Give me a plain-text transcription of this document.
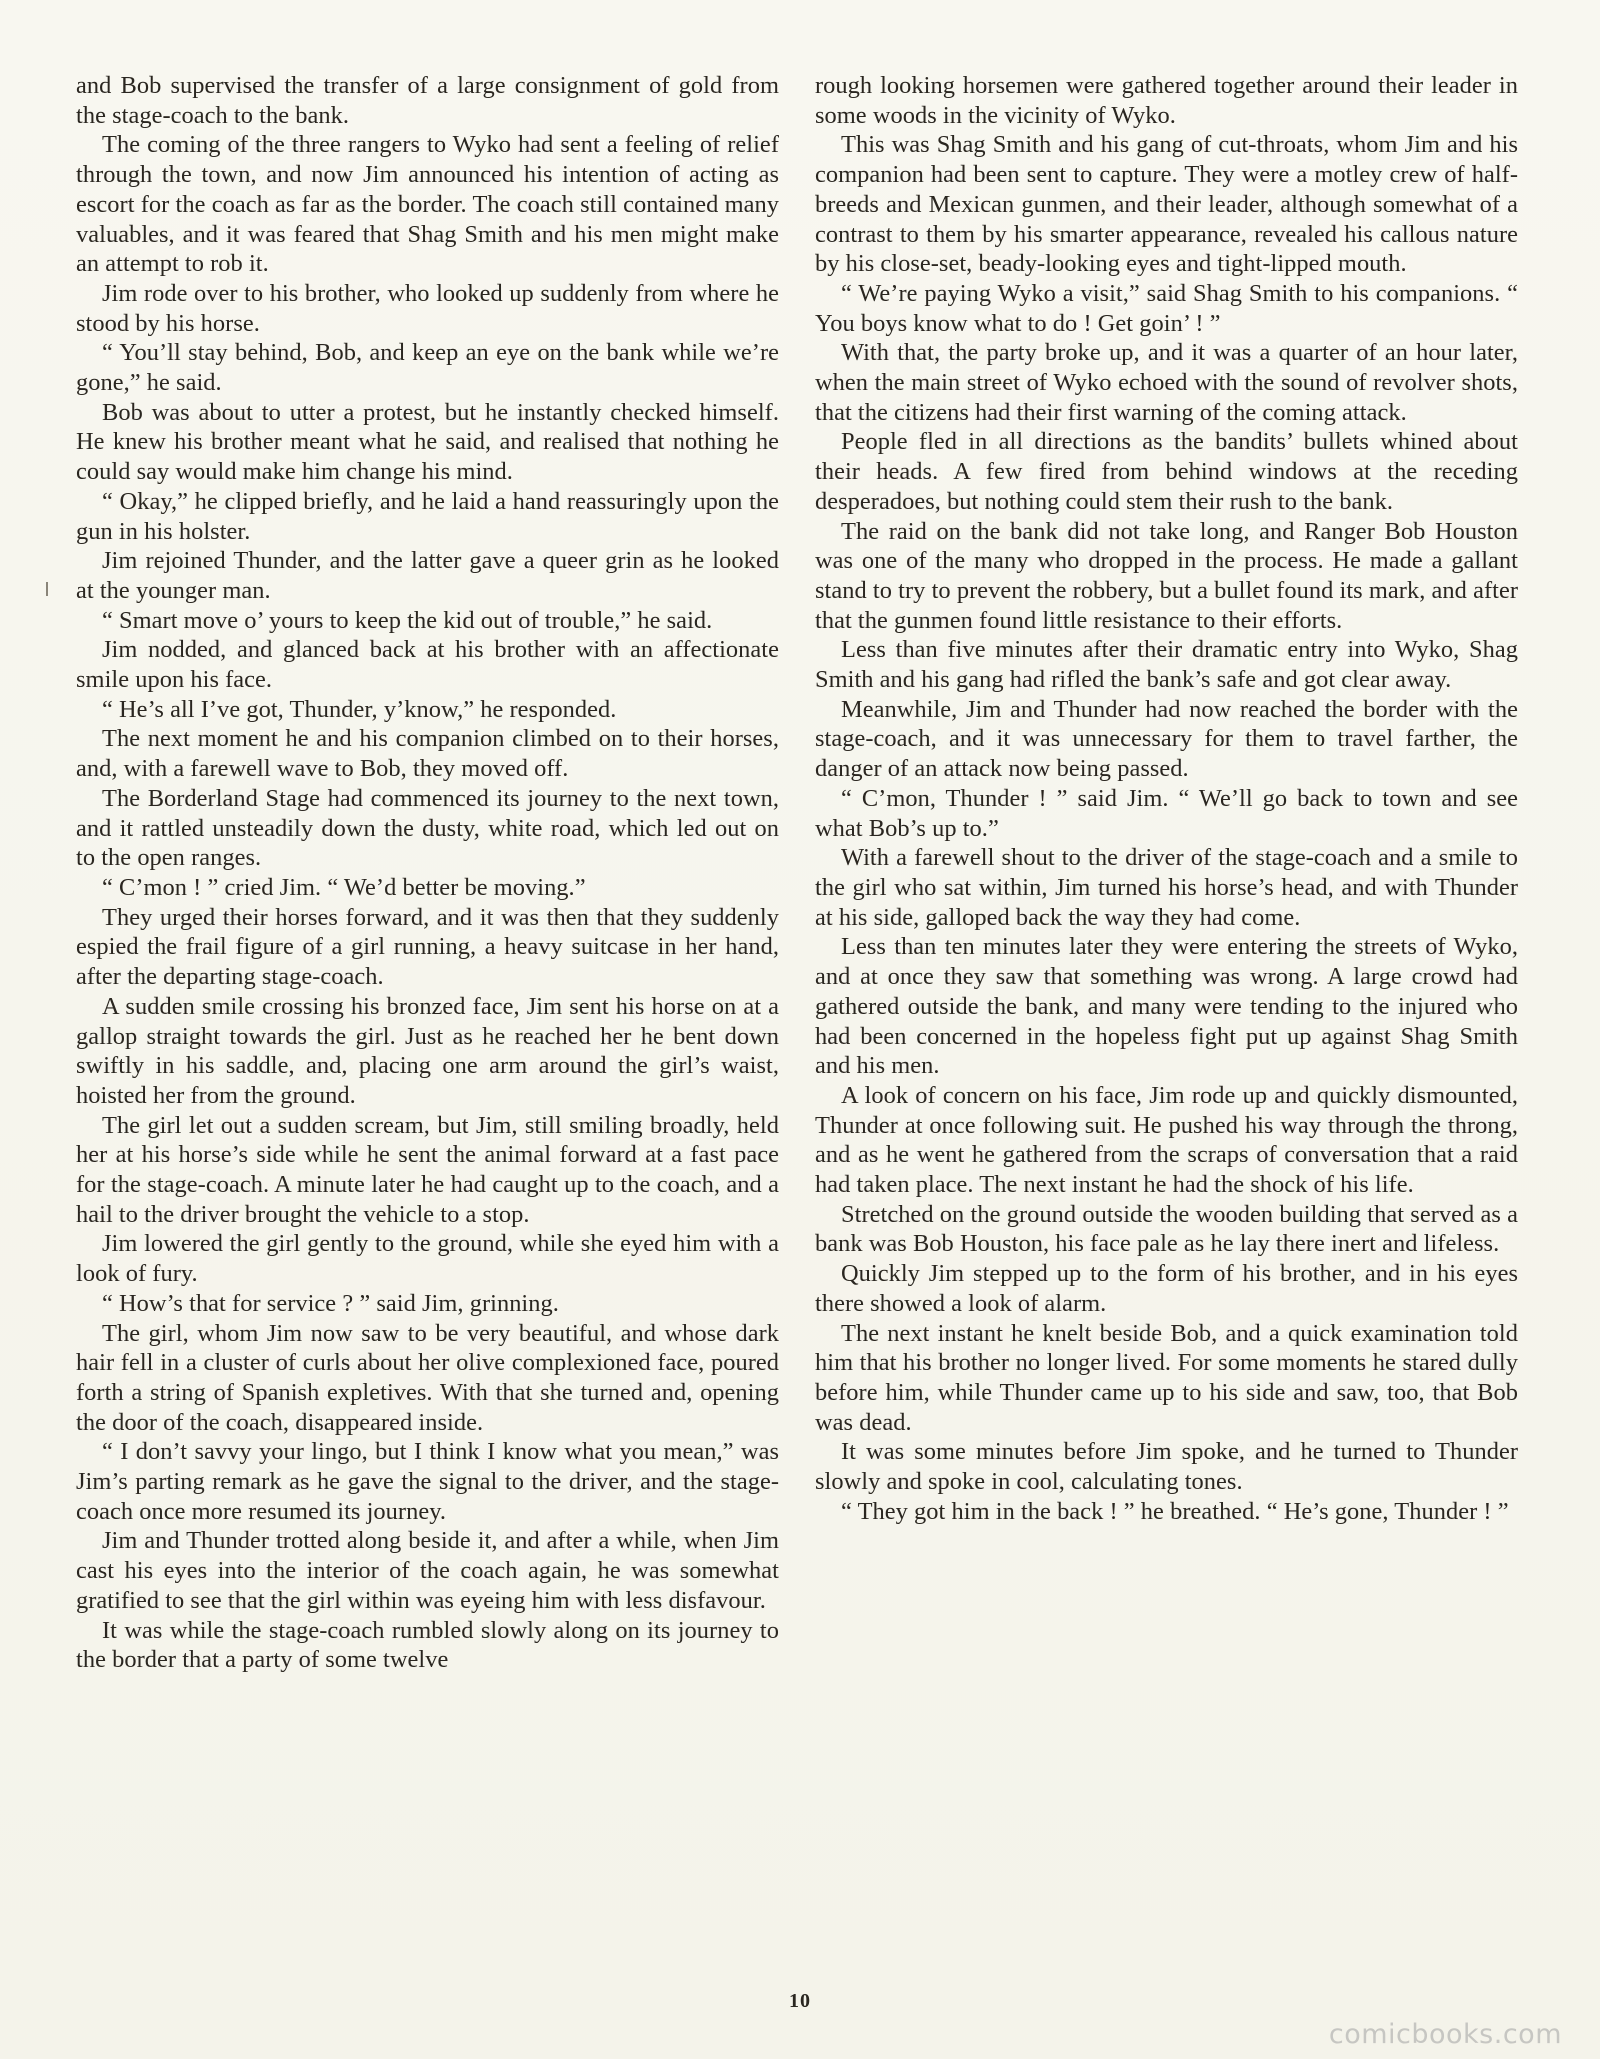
and Bob supervised the transfer of a large consignment of gold from the stage-coach to the bank.

The coming of the three rangers to Wyko had sent a feeling of relief through the town, and now Jim announced his intention of acting as escort for the coach as far as the border. The coach still contained many valuables, and it was feared that Shag Smith and his men might make an attempt to rob it.

Jim rode over to his brother, who looked up suddenly from where he stood by his horse.

“ You’ll stay behind, Bob, and keep an eye on the bank while we’re gone,” he said.

Bob was about to utter a protest, but he instantly checked himself. He knew his brother meant what he said, and realised that nothing he could say would make him change his mind.

“ Okay,” he clipped briefly, and he laid a hand reassuringly upon the gun in his holster.

Jim rejoined Thunder, and the latter gave a queer grin as he looked at the younger man.

“ Smart move o’ yours to keep the kid out of trouble,” he said.

Jim nodded, and glanced back at his brother with an affectionate smile upon his face.

“ He’s all I’ve got, Thunder, y’know,” he responded.

The next moment he and his companion climbed on to their horses, and, with a farewell wave to Bob, they moved off.

The Borderland Stage had commenced its journey to the next town, and it rattled unsteadily down the dusty, white road, which led out on to the open ranges.

“ C’mon ! ” cried Jim. “ We’d better be moving.”

They urged their horses forward, and it was then that they suddenly espied the frail figure of a girl running, a heavy suitcase in her hand, after the departing stage-coach.

A sudden smile crossing his bronzed face, Jim sent his horse on at a gallop straight towards the girl. Just as he reached her he bent down swiftly in his saddle, and, placing one arm around the girl’s waist, hoisted her from the ground.

The girl let out a sudden scream, but Jim, still smiling broadly, held her at his horse’s side while he sent the animal forward at a fast pace for the stage-coach. A minute later he had caught up to the coach, and a hail to the driver brought the vehicle to a stop.

Jim lowered the girl gently to the ground, while she eyed him with a look of fury.

“ How’s that for service ? ” said Jim, grinning.

The girl, whom Jim now saw to be very beautiful, and whose dark hair fell in a cluster of curls about her olive complexioned face, poured forth a string of Spanish expletives. With that she turned and, opening the door of the coach, disappeared inside.

“ I don’t savvy your lingo, but I think I know what you mean,” was Jim’s parting remark as he gave the signal to the driver, and the stage-coach once more resumed its journey.

Jim and Thunder trotted along beside it, and after a while, when Jim cast his eyes into the interior of the coach again, he was somewhat gratified to see that the girl within was eyeing him with less disfavour.

It was while the stage-coach rumbled slowly along on its journey to the border that a party of some twelve

rough looking horsemen were gathered together around their leader in some woods in the vicinity of Wyko.

This was Shag Smith and his gang of cut-throats, whom Jim and his companion had been sent to capture. They were a motley crew of half-breeds and Mexican gunmen, and their leader, although somewhat of a contrast to them by his smarter appearance, revealed his callous nature by his close-set, beady-looking eyes and tight-lipped mouth.

“ We’re paying Wyko a visit,” said Shag Smith to his companions. “ You boys know what to do ! Get goin’ ! ”

With that, the party broke up, and it was a quarter of an hour later, when the main street of Wyko echoed with the sound of revolver shots, that the citizens had their first warning of the coming attack.

People fled in all directions as the bandits’ bullets whined about their heads. A few fired from behind windows at the receding desperadoes, but nothing could stem their rush to the bank.

The raid on the bank did not take long, and Ranger Bob Houston was one of the many who dropped in the process. He made a gallant stand to try to prevent the robbery, but a bullet found its mark, and after that the gunmen found little resistance to their efforts.

Less than five minutes after their dramatic entry into Wyko, Shag Smith and his gang had rifled the bank’s safe and got clear away.

Meanwhile, Jim and Thunder had now reached the border with the stage-coach, and it was unnecessary for them to travel farther, the danger of an attack now being passed.

“ C’mon, Thunder ! ” said Jim. “ We’ll go back to town and see what Bob’s up to.”

With a farewell shout to the driver of the stage-coach and a smile to the girl who sat within, Jim turned his horse’s head, and with Thunder at his side, galloped back the way they had come.

Less than ten minutes later they were entering the streets of Wyko, and at once they saw that something was wrong. A large crowd had gathered outside the bank, and many were tending to the injured who had been concerned in the hopeless fight put up against Shag Smith and his men.

A look of concern on his face, Jim rode up and quickly dismounted, Thunder at once following suit. He pushed his way through the throng, and as he went he gathered from the scraps of conversation that a raid had taken place. The next instant he had the shock of his life.

Stretched on the ground outside the wooden building that served as a bank was Bob Houston, his face pale as he lay there inert and lifeless.

Quickly Jim stepped up to the form of his brother, and in his eyes there showed a look of alarm.

The next instant he knelt beside Bob, and a quick examination told him that his brother no longer lived. For some moments he stared dully before him, while Thunder came up to his side and saw, too, that Bob was dead.

It was some minutes before Jim spoke, and he turned to Thunder slowly and spoke in cool, calculating tones.

“ They got him in the back ! ” he breathed. “ He’s gone, Thunder ! ”

10
comicbooks.com
